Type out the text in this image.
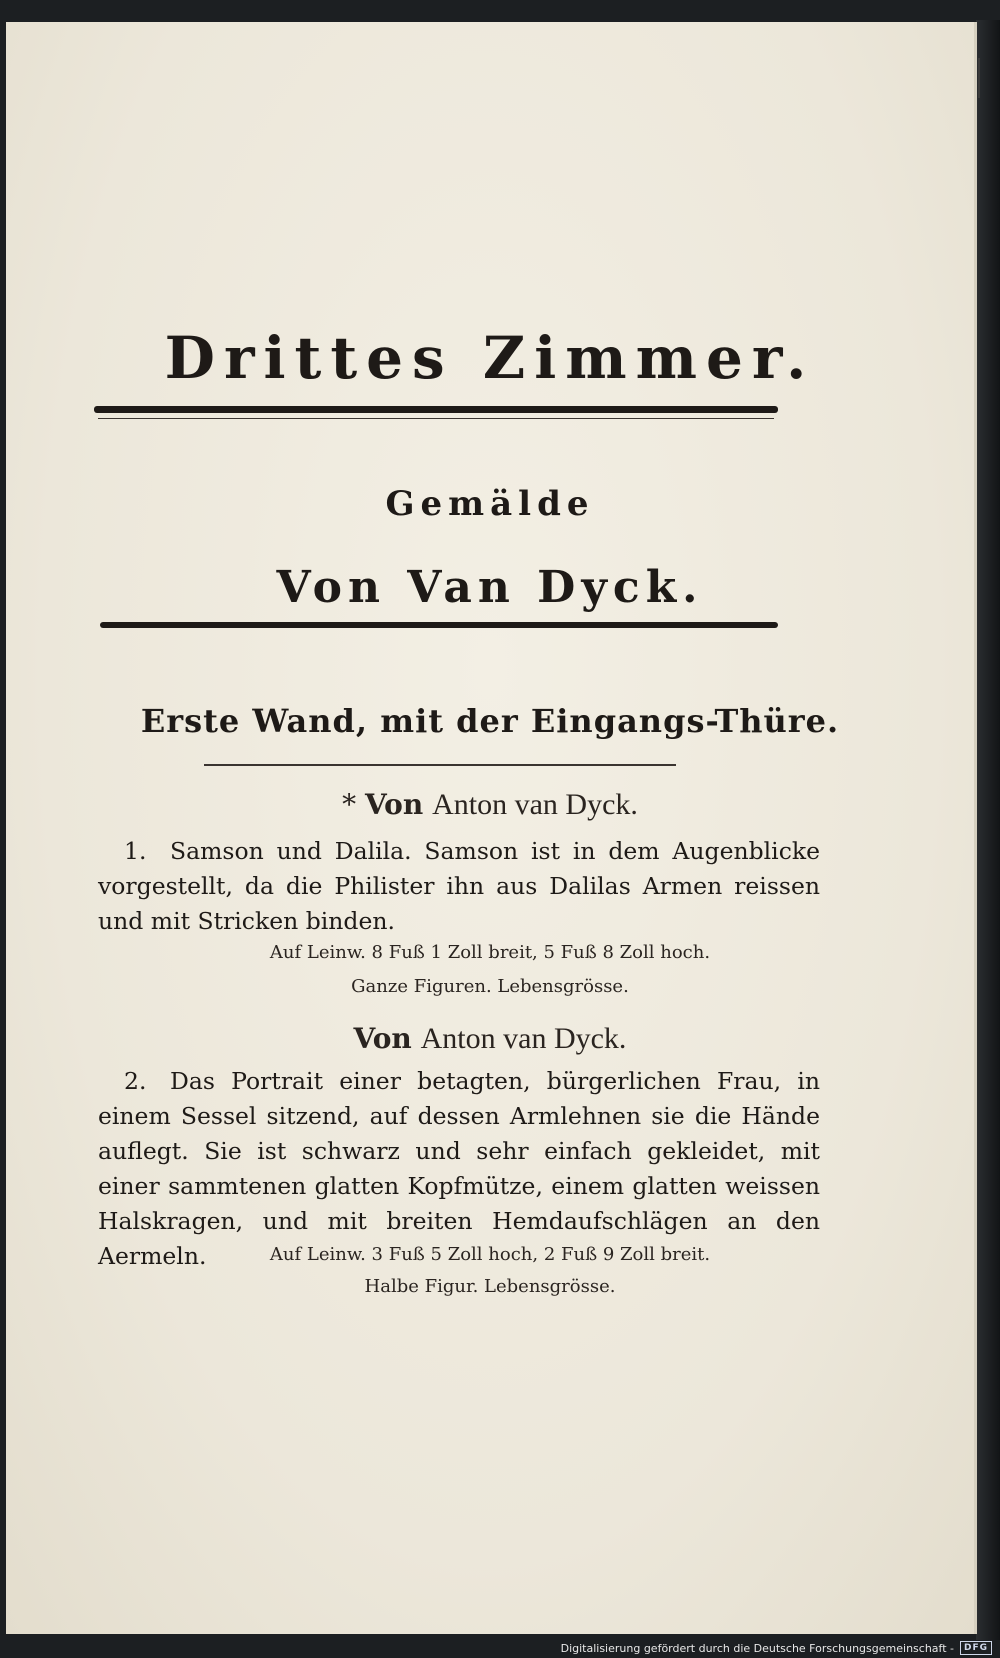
Drittes Zimmer.
Gemälde
Von Van Dyck.
Erste Wand, mit der Eingangs-Thüre.
* Von Anton van Dyck.
1. Samson und Dalila. Samson ist in dem Augenblicke vorgestellt, da die Philister ihn aus Dalilas Armen reissen und mit Stricken binden.
Auf Leinw. 8 Fuß 1 Zoll breit, 5 Fuß 8 Zoll hoch.
Ganze Figuren. Lebensgrösse.
Von Anton van Dyck.
2. Das Portrait einer betagten, bürgerlichen Frau, in einem Sessel sitzend, auf dessen Armlehnen sie die Hände auflegt. Sie ist schwarz und sehr einfach gekleidet, mit einer sammtenen glatten Kopfmütze, einem glatten weissen Halskragen, und mit breiten Hemdaufschlägen an den Aermeln.	Auf Leinw. 3 Fuß 5 Zoll hoch, 2 Fuß 9 Zoll breit.
Halbe Figur. Lebensgrösse.
Digitalisierung gefördert durch die Deutsche Forschungsgemeinschaft -	DFG
